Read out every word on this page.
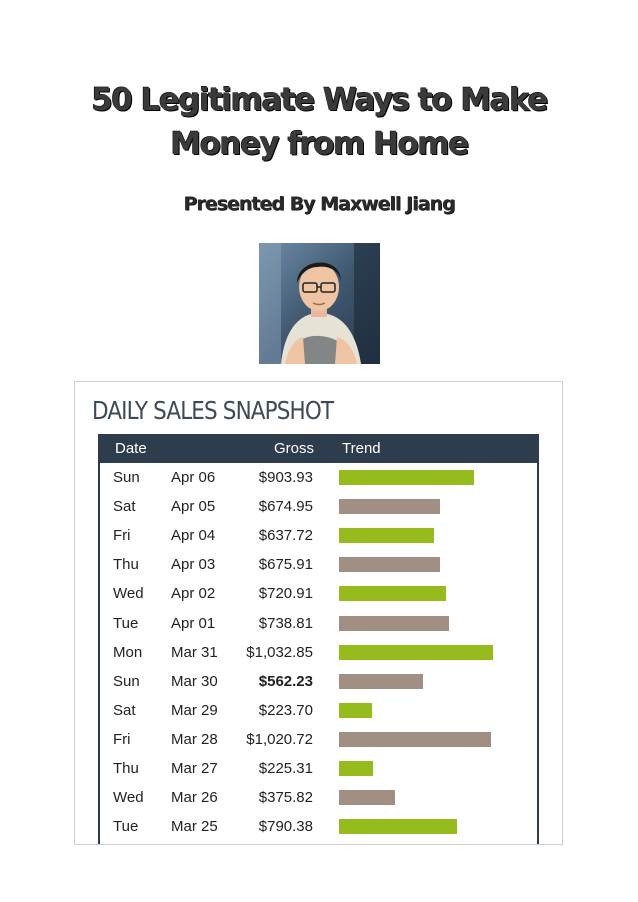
50 Legitimate Ways to Make
Money from Home
Presented By Maxwell Jiang
DAILY SALES SNAPSHOT
Date	Gross Trend
Sun Apr 06	$903.93
Sat Apr 05	$674.95
Fri	Apr 04	$637.72
Thu Apr 03	$675.91
Wed Apr 02	$720.91
Tue Apr 01	$738.81
Mon Mar 31 $1,032.85
Sun Mar 30	$562.23
Sat Mar 29	$223.70
Fri	Mar 28 $1,020.72
Thu Mar 27	$225.31
Wed Mar 26	$375.82
Tue Mar 25	$790.38
